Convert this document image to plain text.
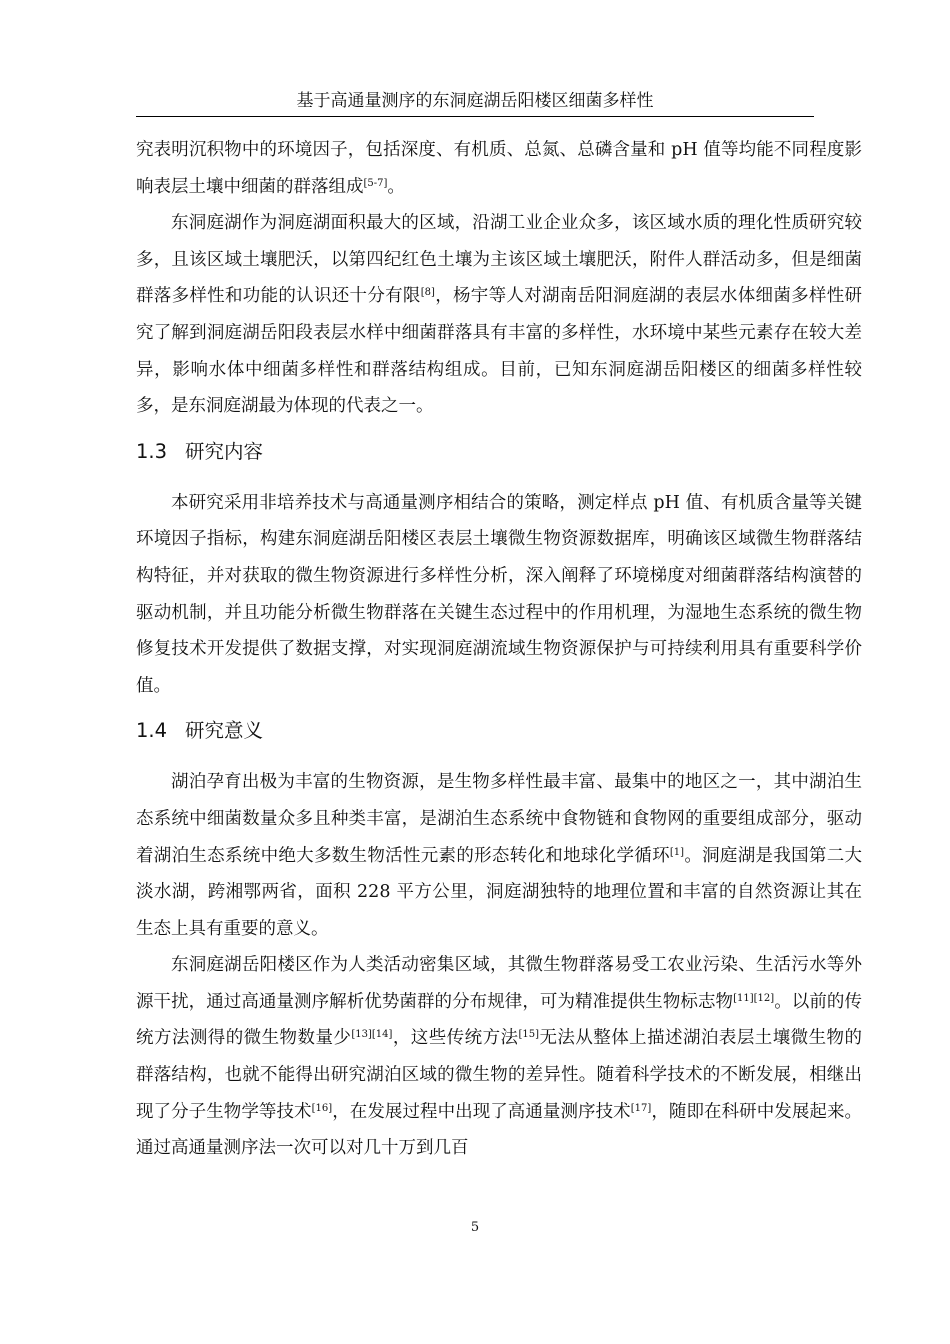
基于高通量测序的东洞庭湖岳阳楼区细菌多样性

究表明沉积物中的环境因子，包括深度、有机质、总氮、总磷含量和 pH 值等均能不同程度影响表层土壤中细菌的群落组成[5-7]。

东洞庭湖作为洞庭湖面积最大的区域，沿湖工业企业众多，该区域水质的理化性质研究较多，且该区域土壤肥沃，以第四纪红色土壤为主该区域土壤肥沃，附件人群活动多，但是细菌群落多样性和功能的认识还十分有限[8]，杨宇等人对湖南岳阳洞庭湖的表层水体细菌多样性研究了解到洞庭湖岳阳段表层水样中细菌群落具有丰富的多样性，水环境中某些元素存在较大差异，影响水体中细菌多样性和群落结构组成。目前，已知东洞庭湖岳阳楼区的细菌多样性较多，是东洞庭湖最为体现的代表之一。

1.3 研究内容

本研究采用非培养技术与高通量测序相结合的策略，测定样点 pH 值、有机质含量等关键环境因子指标，构建东洞庭湖岳阳楼区表层土壤微生物资源数据库，明确该区域微生物群落结构特征，并对获取的微生物资源进行多样性分析，深入阐释了环境梯度对细菌群落结构演替的驱动机制，并且功能分析微生物群落在关键生态过程中的作用机理，为湿地生态系统的微生物修复技术开发提供了数据支撑，对实现洞庭湖流域生物资源保护与可持续利用具有重要科学价值。

1.4 研究意义

湖泊孕育出极为丰富的生物资源，是生物多样性最丰富、最集中的地区之一，其中湖泊生态系统中细菌数量众多且种类丰富，是湖泊生态系统中食物链和食物网的重要组成部分，驱动着湖泊生态系统中绝大多数生物活性元素的形态转化和地球化学循环[1]。洞庭湖是我国第二大淡水湖，跨湘鄂两省，面积 228 平方公里，洞庭湖独特的地理位置和丰富的自然资源让其在生态上具有重要的意义。

东洞庭湖岳阳楼区作为人类活动密集区域，其微生物群落易受工农业污染、生活污水等外源干扰，通过高通量测序解析优势菌群的分布规律，可为精准提供生物标志物[11][12]。以前的传统方法测得的微生物数量少[13][14]，这些传统方法[15]无法从整体上描述湖泊表层土壤微生物的群落结构，也就不能得出研究湖泊区域的微生物的差异性。随着科学技术的不断发展，相继出现了分子生物学等技术[16]，在发展过程中出现了高通量测序技术[17]，随即在科研中发展起来。通过高通量测序法一次可以对几十万到几百

5
